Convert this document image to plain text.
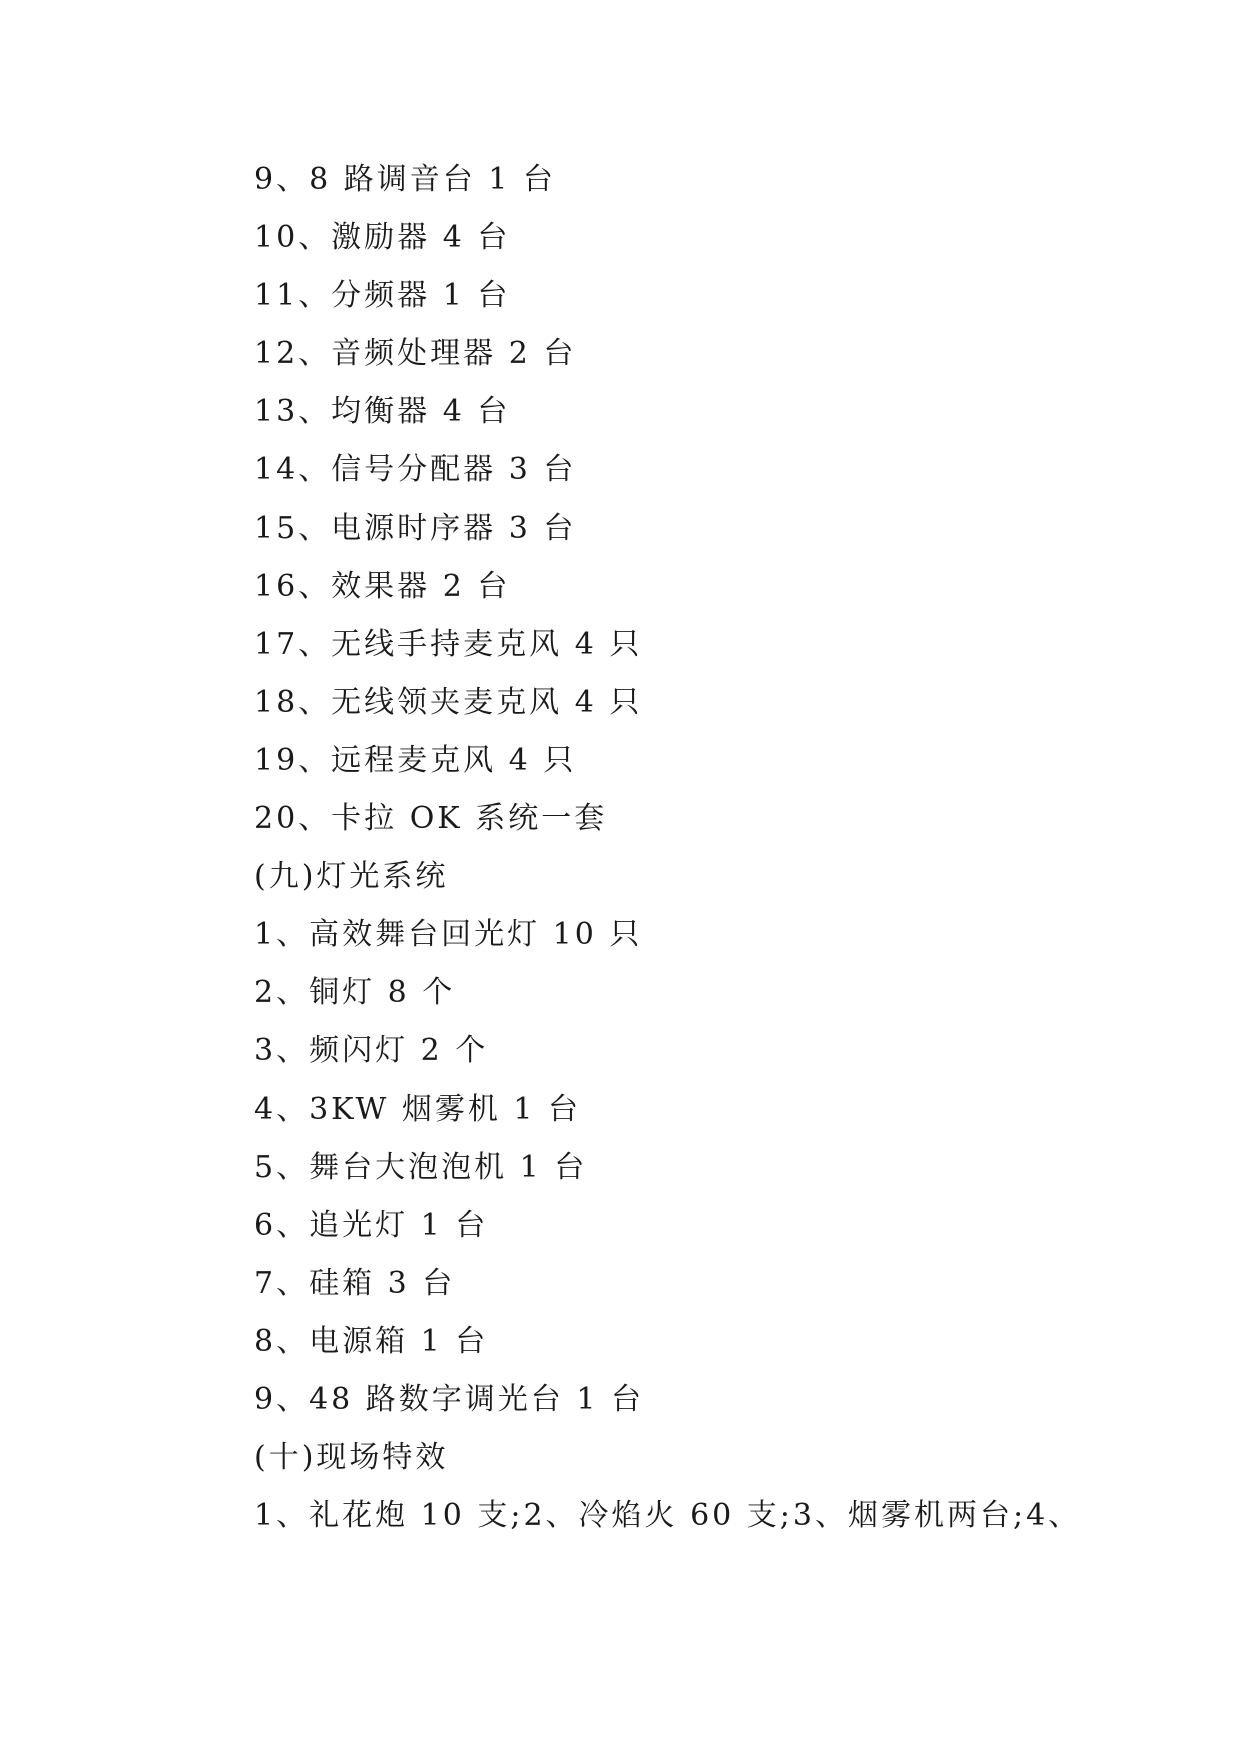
9、8 路调音台 1 台
10、激励器 4 台
11、分频器 1 台
12、音频处理器 2 台
13、均衡器 4 台
14、信号分配器 3 台
15、电源时序器 3 台
16、效果器 2 台
17、无线手持麦克风 4 只
18、无线领夹麦克风 4 只
19、远程麦克风 4 只
20、卡拉 OK 系统一套
(九)灯光系统
1、高效舞台回光灯 10 只
2、铜灯 8 个
3、频闪灯 2 个
4、3KW 烟雾机 1 台
5、舞台大泡泡机 1 台
6、追光灯 1 台
7、硅箱 3 台
8、电源箱 1 台
9、48 路数字调光台 1 台
(十)现场特效
1、礼花炮 10 支;2、冷焰火 60 支;3、烟雾机两台;4、
